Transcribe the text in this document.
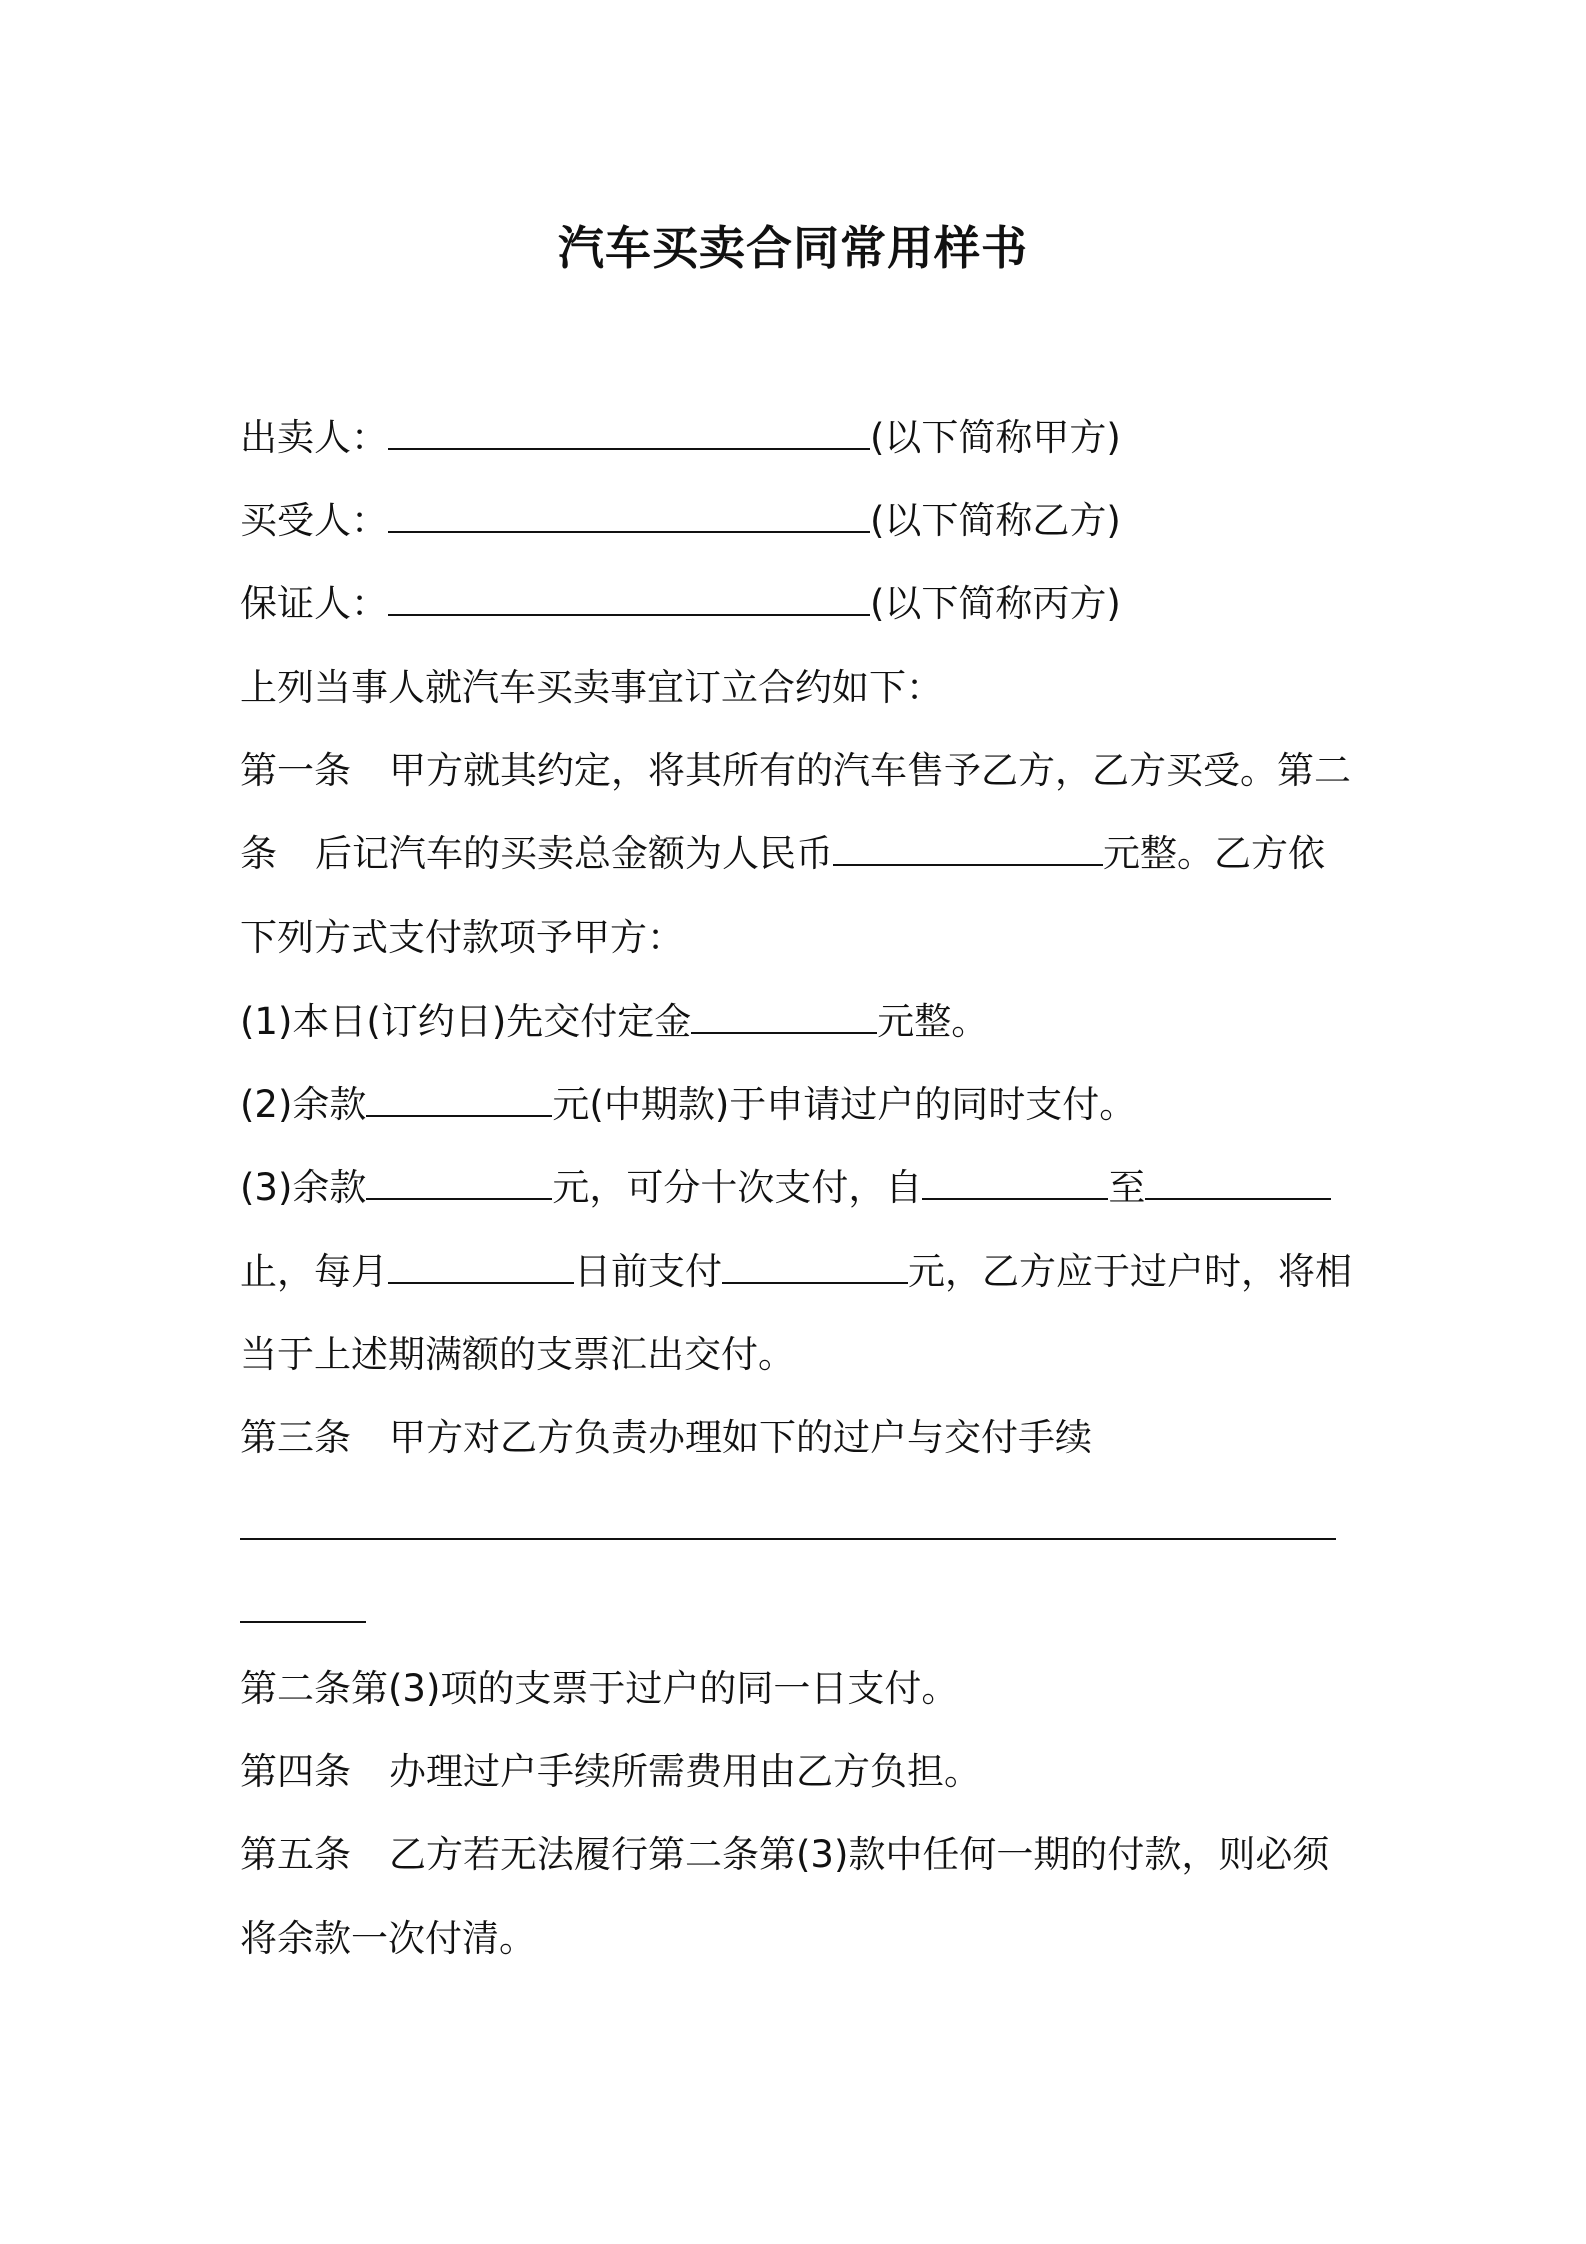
汽车买卖合同常用样书
出卖人：	(以下简称甲方)
买受人：	(以下简称乙方)
保证人：	(以下简称丙方)
上列当事人就汽车买卖事宜订立合约如下：
第一条 甲方就其约定，将其所有的汽车售予乙方，乙方买受。第二
条 后记汽车的买卖总金额为人民币	元整。乙方依
下列方式支付款项予甲方：
(1)本日(订约日)先交付定金	元整。
(2)余款	元(中期款)于申请过户的同时支付。
(3)余款	元，可分十次支付，自	至
止，每月	日前支付	元，乙方应于过户时，将相
当于上述期满额的支票汇出交付。
第三条 甲方对乙方负责办理如下的过户与交付手续
第二条第(3)项的支票于过户的同一日支付。
第四条 办理过户手续所需费用由乙方负担。
第五条 乙方若无法履行第二条第(3)款中任何一期的付款，则必须
将余款一次付清。
